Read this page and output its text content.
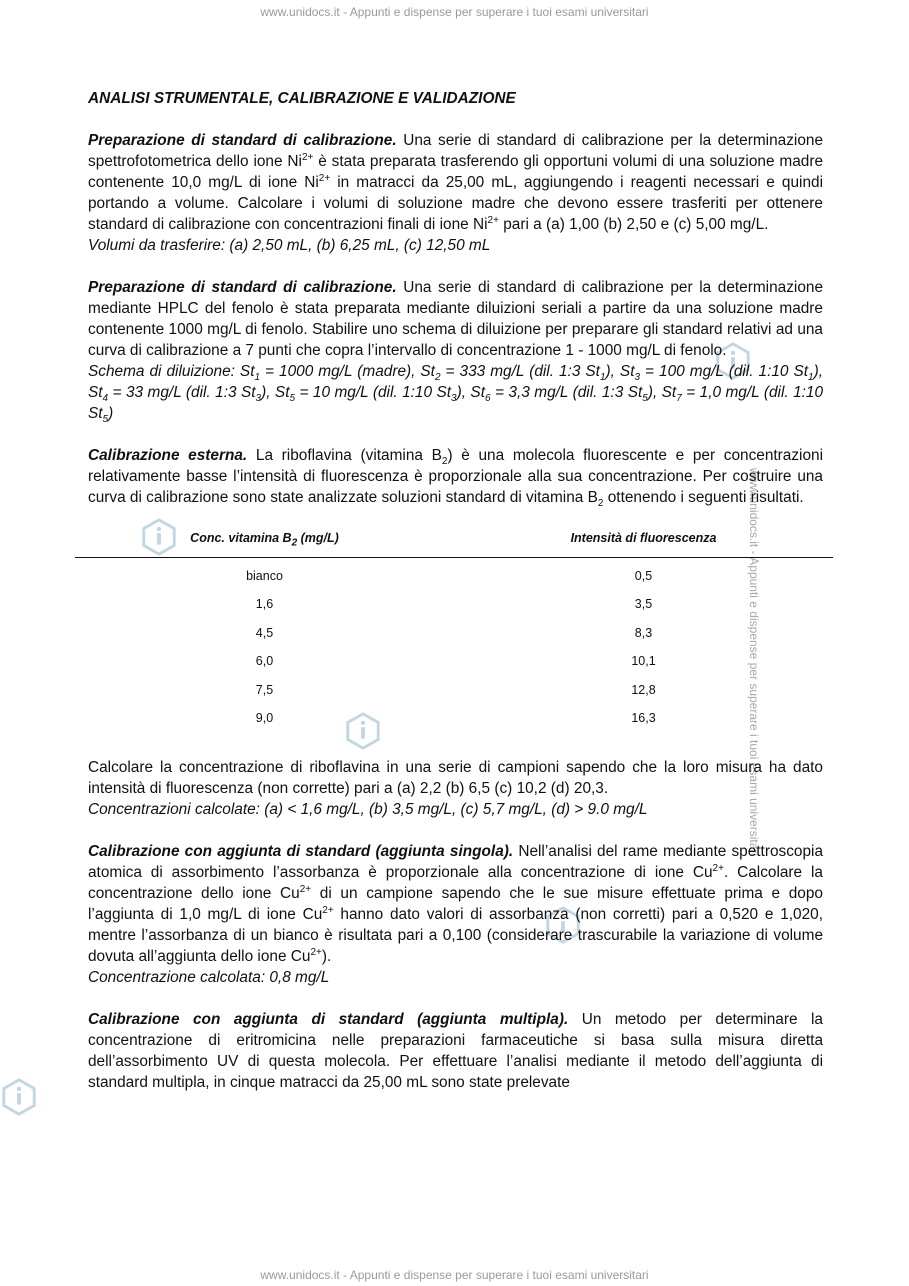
www.unidocs.it - Appunti e dispense per superare i tuoi esami universitari
www.unidocs.it - Appunti e dispense per superare i tuoi esami universitari
ANALISI STRUMENTALE, CALIBRAZIONE E VALIDAZIONE

Preparazione di standard di calibrazione. Una serie di standard di calibrazione per la determinazione spettrofotometrica dello ione $Ni^{2+}$ è stata preparata trasferendo gli opportuni volumi di una soluzione madre contenente 10,0 mg/L di ione $Ni^{2+}$ in matracci da 25,00 mL, aggiungendo i reagenti necessari e quindi portando a volume. Calcolare i volumi di soluzione madre che devono essere trasferiti per ottenere standard di calibrazione con concentrazioni finali di ione $Ni^{2+}$ pari a (a) 1,00 (b) 2,50 e (c) 5,00 mg/L.

Volumi da trasferire: (a) 2,50 mL, (b) 6,25 mL, (c) 12,50 mL

Preparazione di standard di calibrazione. Una serie di standard di calibrazione per la determinazione mediante HPLC del fenolo è stata preparata mediante diluizioni seriali a partire da una soluzione madre contenente 1000 mg/L di fenolo. Stabilire uno schema di diluizione per preparare gli standard relativi ad una curva di calibrazione a 7 punti che copra l’intervallo di concentrazione 1 - 1000 mg/L di fenolo.

Schema di diluizione: $St_1 = 1000$ mg/L (madre), $St_2 = 333$ mg/L (dil. 1:3 $St_1$), $St_3 = 100$ mg/L (dil. 1:10 $St_1$), $St_4 = 33$ mg/L (dil. 1:3 $St_3$), $St_5 = 10$ mg/L (dil. 1:10 $St_3$), $St_6 = 3,3$ mg/L (dil. 1:3 $St_5$), $St_7 = 1,0$ mg/L (dil. 1:10 $St_5$)

Calibrazione esterna. La riboflavina (vitamina $B_2$) è una molecola fluorescente e per concentrazioni relativamente basse l’intensità di fluorescenza è proporzionale alla sua concentrazione. Per costruire una curva di calibrazione sono state analizzate soluzioni standard di vitamina $B_2$ ottenendo i seguenti risultati.

Conc. vitamina $B_2$ (mg/L)	Intensità di fluorescenza
bianco	0,5
1,6	3,5
4,5	8,3
6,0	10,1
7,5	12,8
9,0	16,3

Calcolare la concentrazione di riboflavina in una serie di campioni sapendo che la loro misura ha dato intensità di fluorescenza (non corrette) pari a (a) 2,2 (b) 6,5 (c) 10,2 (d) 20,3.

Concentrazioni calcolate: (a) < 1,6 mg/L, (b) 3,5 mg/L, (c) 5,7 mg/L, (d) > 9.0 mg/L

Calibrazione con aggiunta di standard (aggiunta singola). Nell’analisi del rame mediante spettroscopia atomica di assorbimento l’assorbanza è proporzionale alla concentrazione di ione $Cu^{2+}$. Calcolare la concentrazione dello ione $Cu^{2+}$ di un campione sapendo che le sue misure effettuate prima e dopo l’aggiunta di 1,0 mg/L di ione $Cu^{2+}$ hanno dato valori di assorbanza (non corretti) pari a 0,520 e 1,020, mentre l’assorbanza di un bianco è risultata pari a 0,100 (considerare trascurabile la variazione di volume dovuta all’aggiunta dello ione $Cu^{2+}$).

Concentrazione calcolata: 0,8 mg/L

Calibrazione con aggiunta di standard (aggiunta multipla). Un metodo per determinare la concentrazione di eritromicina nelle preparazioni farmaceutiche si basa sulla misura diretta dell’assorbimento UV di questa molecola. Per effettuare l’analisi mediante il metodo dell’aggiunta di standard multipla, in cinque matracci da 25,00 mL sono state prelevate

www.unidocs.it - Appunti e dispense per superare i tuoi esami universitari
